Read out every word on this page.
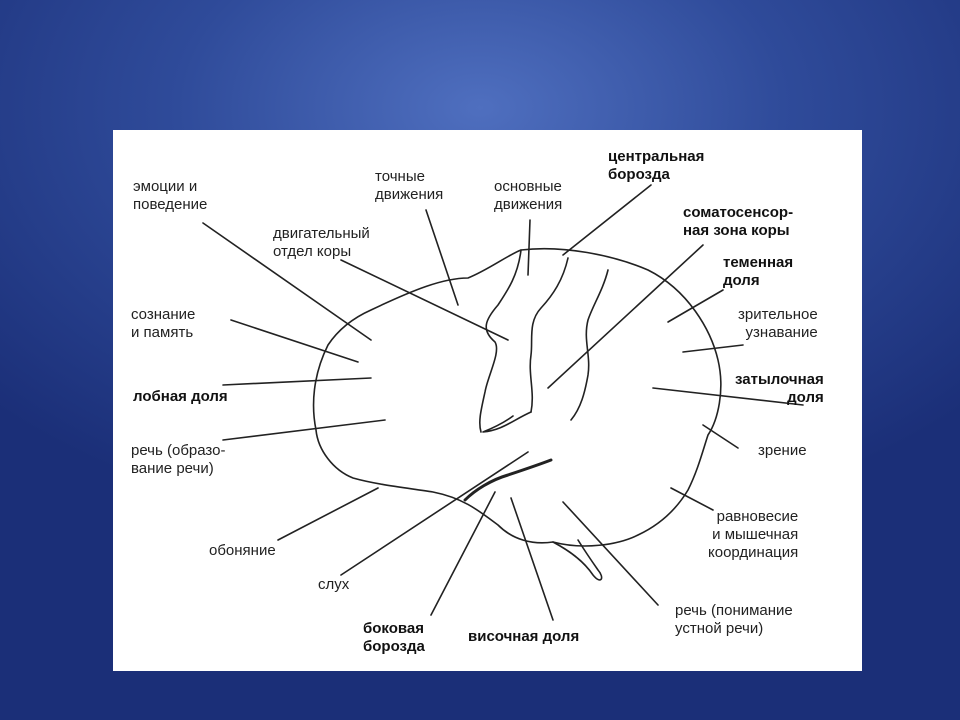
эмоции и
поведение
точные
движения	основные
движения
центральная
борозда
двигательный
отдел коры
соматосенсор-
ная зона коры
теменная
доля
сознание
и память
зрительное
узнавание
лобная доля
затылочная
доля
речь (образо-
вание речи)
зрение
обоняние
равновесие
и мышечная
координация
слух
речь (понимание
устной речи)
боковая
борозда
височная доля
